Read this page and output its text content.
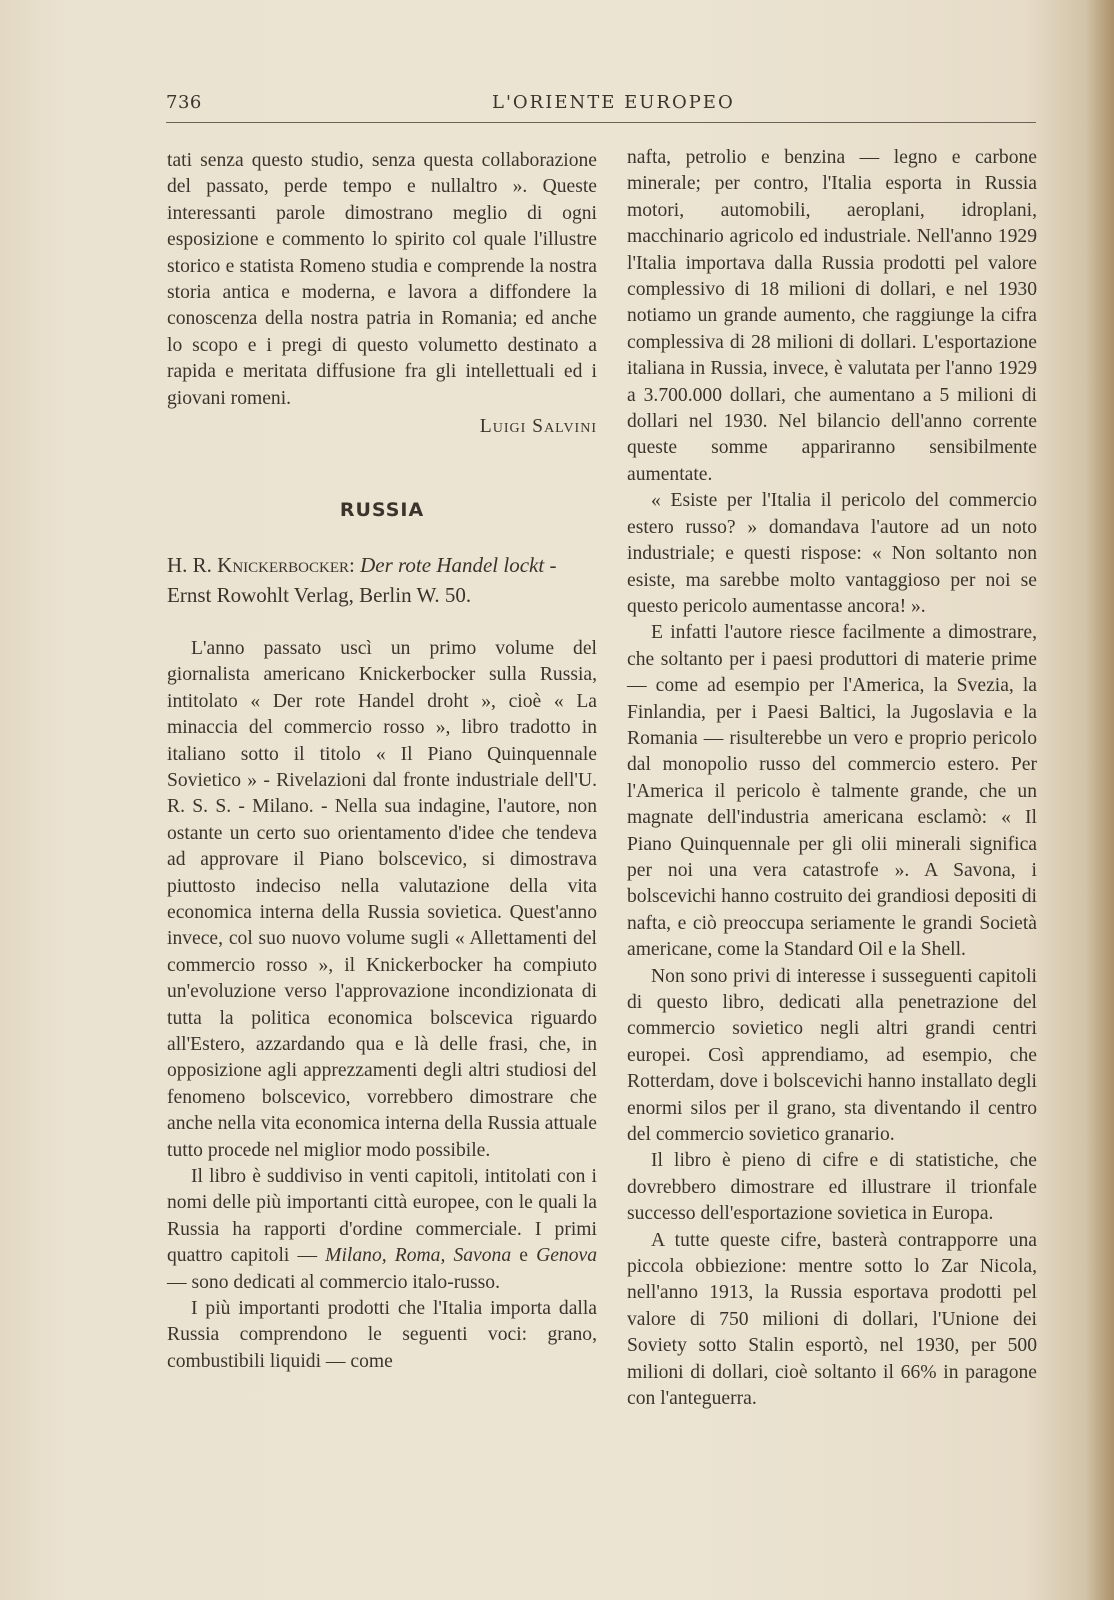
736	L'ORIENTE EUROPEO

tati senza questo studio, senza questa collaborazione del passato, perde tempo e nullaltro ». Queste interessanti parole dimostrano meglio di ogni esposizione e commento lo spirito col quale l'illustre storico e statista Romeno studia e comprende la nostra storia antica e moderna, e lavora a diffondere la conoscenza della nostra patria in Romania; ed anche lo scopo e i pregi di questo volumetto destinato a rapida e meritata diffusione fra gli intellettuali ed i giovani romeni.

Luigi Salvini

RUSSIA

H. R. Knickerbocker: Der rote Handel lockt - Ernst Rowohlt Verlag, Berlin W. 50.

L'anno passato uscì un primo volume del giornalista americano Knickerbocker sulla Russia, intitolato « Der rote Handel droht », cioè « La minaccia del commercio rosso », libro tradotto in italiano sotto il titolo « Il Piano Quinquennale Sovietico » - Rivelazioni dal fronte industriale dell'U. R. S. S. - Milano. - Nella sua indagine, l'autore, non ostante un certo suo orientamento d'idee che tendeva ad approvare il Piano bolscevico, si dimostrava piuttosto indeciso nella valutazione della vita economica interna della Russia sovietica. Quest'anno invece, col suo nuovo volume sugli « Allettamenti del commercio rosso », il Knickerbocker ha compiuto un'evoluzione verso l'approvazione incondizionata di tutta la politica economica bolscevica riguardo all'Estero, azzardando qua e là delle frasi, che, in opposizione agli apprezzamenti degli altri studiosi del fenomeno bolscevico, vorrebbero dimostrare che anche nella vita economica interna della Russia attuale tutto procede nel miglior modo possibile.

Il libro è suddiviso in venti capitoli, intitolati con i nomi delle più importanti città europee, con le quali la Russia ha rapporti d'ordine commerciale. I primi quattro capitoli — Milano, Roma, Savona e Genova — sono dedicati al commercio italo-russo.

I più importanti prodotti che l'Italia importa dalla Russia comprendono le seguenti voci: grano, combustibili liquidi — come

nafta, petrolio e benzina — legno e carbone minerale; per contro, l'Italia esporta in Russia motori, automobili, aeroplani, idroplani, macchinario agricolo ed industriale. Nell'anno 1929 l'Italia importava dalla Russia prodotti pel valore complessivo di 18 milioni di dollari, e nel 1930 notiamo un grande aumento, che raggiunge la cifra complessiva di 28 milioni di dollari. L'esportazione italiana in Russia, invece, è valutata per l'anno 1929 a 3.700.000 dollari, che aumentano a 5 milioni di dollari nel 1930. Nel bilancio dell'anno corrente queste somme appariranno sensibilmente aumentate.

« Esiste per l'Italia il pericolo del commercio estero russo? » domandava l'autore ad un noto industriale; e questi rispose: « Non soltanto non esiste, ma sarebbe molto vantaggioso per noi se questo pericolo aumentasse ancora! ».

E infatti l'autore riesce facilmente a dimostrare, che soltanto per i paesi produttori di materie prime — come ad esempio per l'America, la Svezia, la Finlandia, per i Paesi Baltici, la Jugoslavia e la Romania — risulterebbe un vero e proprio pericolo dal monopolio russo del commercio estero. Per l'America il pericolo è talmente grande, che un magnate dell'industria americana esclamò: « Il Piano Quinquennale per gli olii minerali significa per noi una vera catastrofe ». A Savona, i bolscevichi hanno costruito dei grandiosi depositi di nafta, e ciò preoccupa seriamente le grandi Società americane, come la Standard Oil e la Shell.

Non sono privi di interesse i susseguenti capitoli di questo libro, dedicati alla penetrazione del commercio sovietico negli altri grandi centri europei. Così apprendiamo, ad esempio, che Rotterdam, dove i bolscevichi hanno installato degli enormi silos per il grano, sta diventando il centro del commercio sovietico granario.

Il libro è pieno di cifre e di statistiche, che dovrebbero dimostrare ed illustrare il trionfale successo dell'esportazione sovietica in Europa.

A tutte queste cifre, basterà contrapporre una piccola obbiezione: mentre sotto lo Zar Nicola, nell'anno 1913, la Russia esportava prodotti pel valore di 750 milioni di dollari, l'Unione dei Soviety sotto Stalin esportò, nel 1930, per 500 milioni di dollari, cioè soltanto il 66% in paragone con l'anteguerra.
